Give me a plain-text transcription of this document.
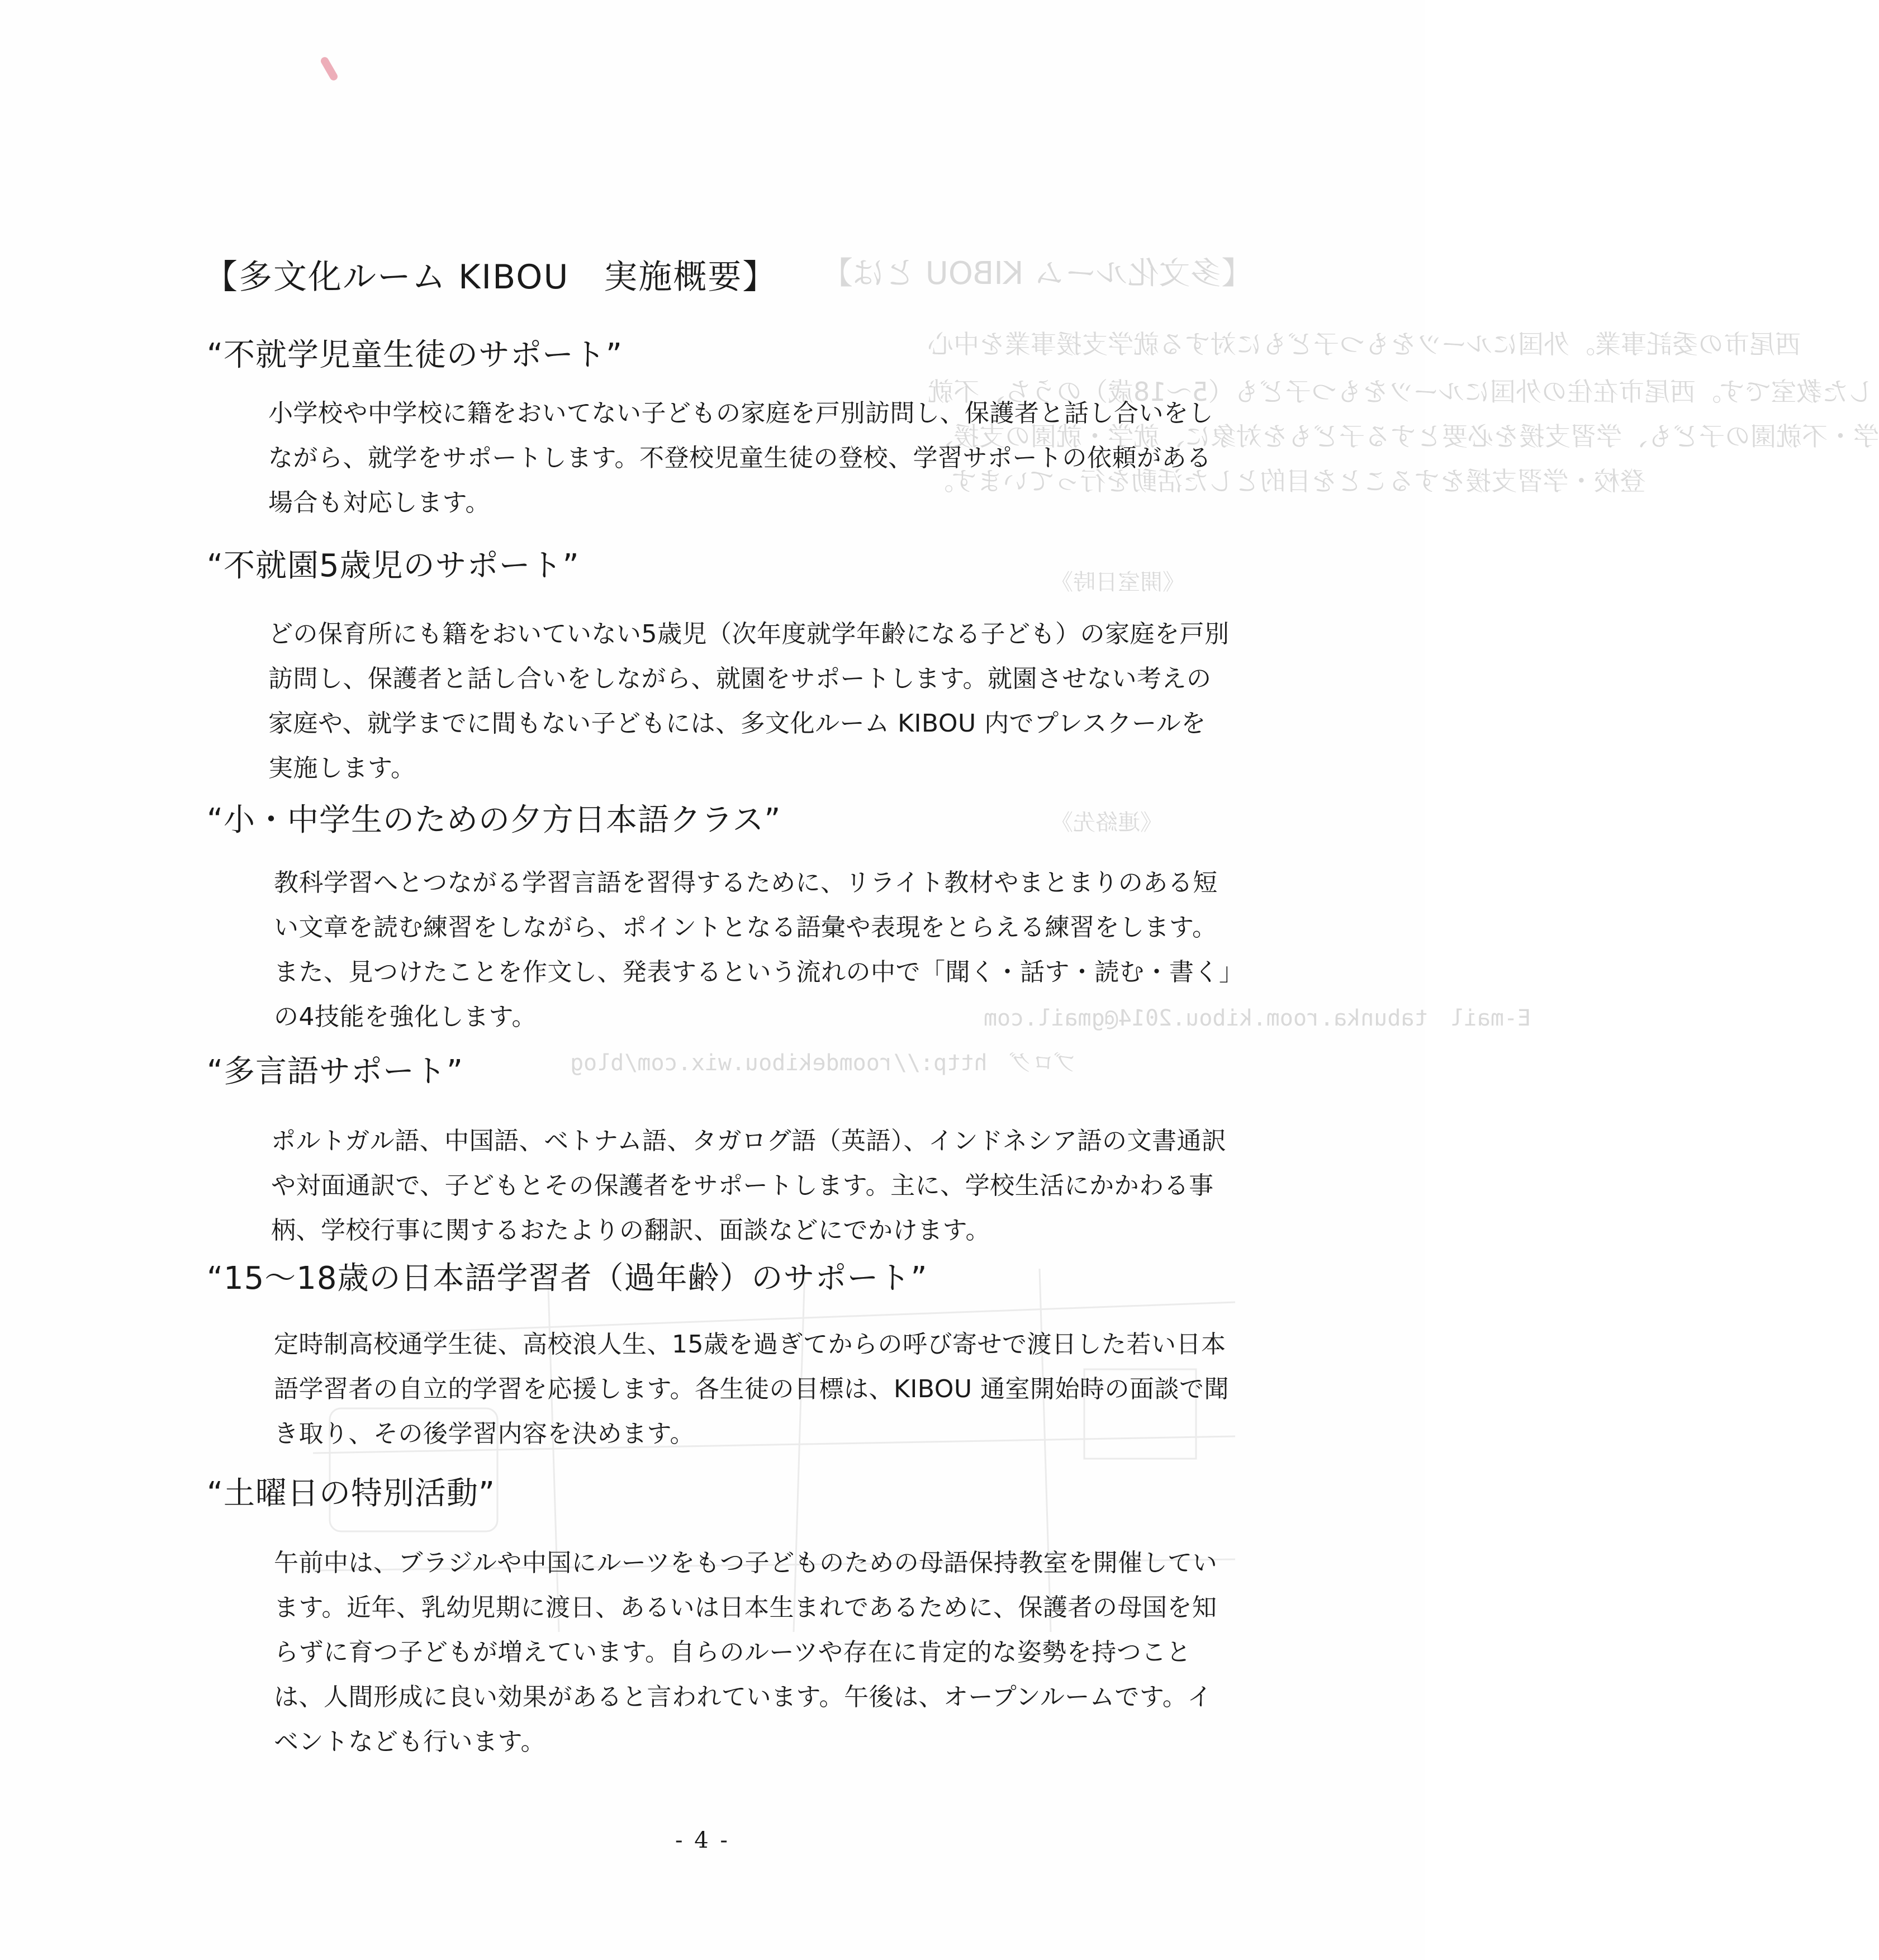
【多文化ルーム KIBOU とは】
西尾市の委託事業。外国にルーツをもつ子どもに対する就学支援事業を中心
した教室です。西尾市在住の外国にルーツをもつ子ども（5～18歳）のうち、不就
学・不就園の子ども、学習支援を必要とする子どもを対象に、就学・就園の支援、
登校・学習支援をすることを目的とした活動を行っています。
《開室日時》
《連絡先》
E-mail　tabunka.room.kibou.2014@gmail.com
ブログ　http://roomdekibou.wix.com/blog
【多文化ルーム KIBOU　実施概要】
“不就学児童生徒のサポート”

小学校や中学校に籍をおいてない子どもの家庭を戸別訪問し、保護者と話し合いをしながら、就学をサポートします。不登校児童生徒の登校、学習サポートの依頼がある場合も対応します。

“不就園5歳児のサポート”

どの保育所にも籍をおいていない5歳児（次年度就学年齢になる子ども）の家庭を戸別訪問し、保護者と話し合いをしながら、就園をサポートします。就園させない考えの家庭や、就学までに間もない子どもには、多文化ルーム KIBOU 内でプレスクールを実施します。

“小・中学生のための夕方日本語クラス”

教科学習へとつながる学習言語を習得するために、リライト教材やまとまりのある短い文章を読む練習をしながら、ポイントとなる語彙や表現をとらえる練習をします。また、見つけたことを作文し、発表するという流れの中で「聞く・話す・読む・書く」の4技能を強化します。

“多言語サポート”

ポルトガル語、中国語、ベトナム語、タガログ語（英語）、インドネシア語の文書通訳や対面通訳で、子どもとその保護者をサポートします。主に、学校生活にかかわる事柄、学校行事に関するおたよりの翻訳、面談などにでかけます。

“15～18歳の日本語学習者（過年齢）のサポート”

定時制高校通学生徒、高校浪人生、15歳を過ぎてからの呼び寄せで渡日した若い日本語学習者の自立的学習を応援します。各生徒の目標は、KIBOU 通室開始時の面談で聞き取り、その後学習内容を決めます。

“土曜日の特別活動”

午前中は、ブラジルや中国にルーツをもつ子どものための母語保持教室を開催しています。近年、乳幼児期に渡日、あるいは日本生まれであるために、保護者の母国を知らずに育つ子どもが増えています。自らのルーツや存在に肯定的な姿勢を持つことは、人間形成に良い効果があると言われています。午後は、オープンルームです。イベントなども行います。

- 4 -
